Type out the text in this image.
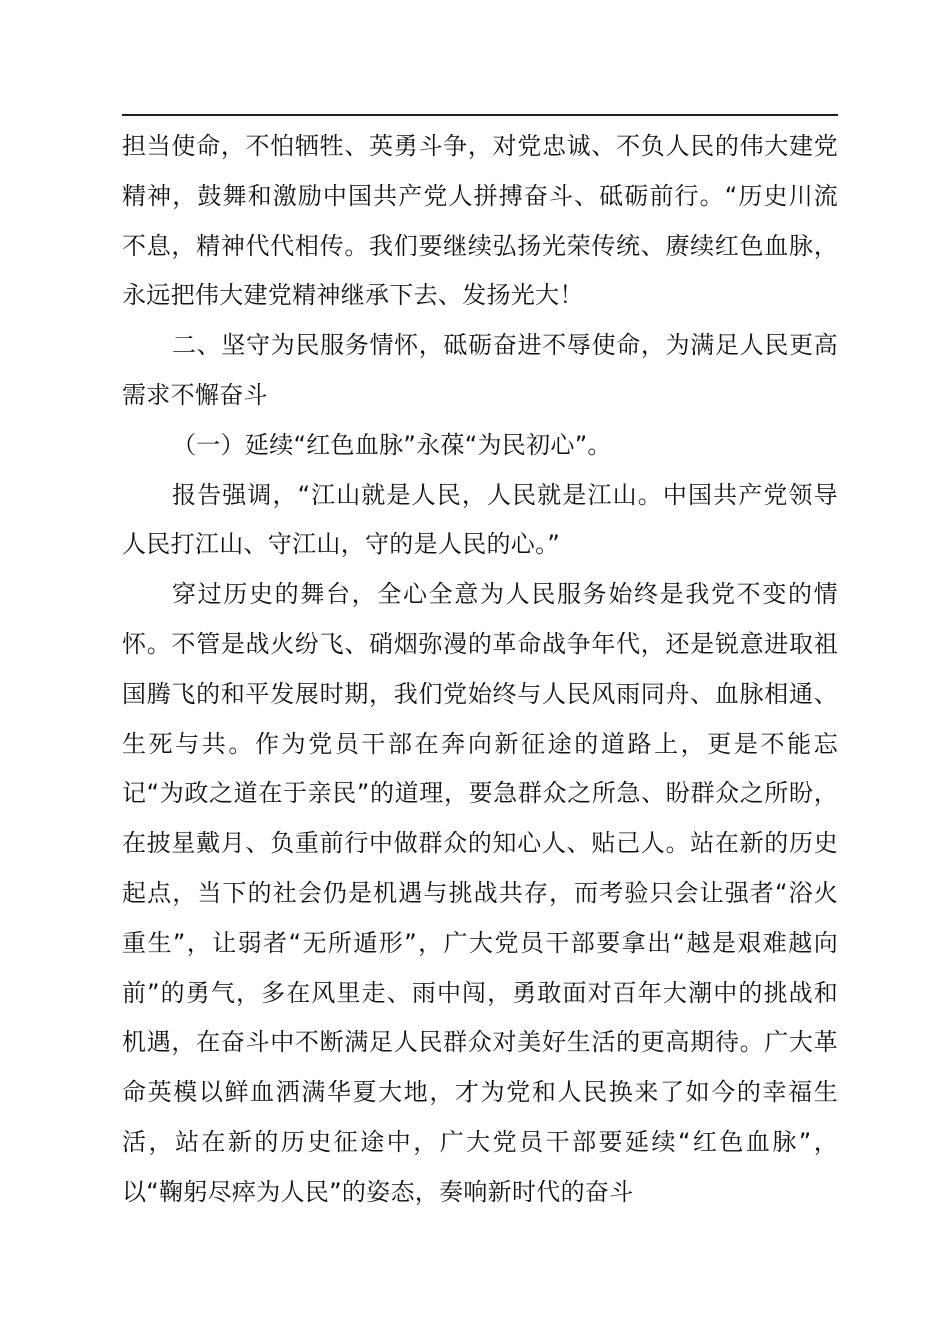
担当使命，不怕牺牲、英勇斗争，对党忠诚、不负人民的伟大建党精神，鼓舞和激励中国共产党人拼搏奋斗、砥砺前行。“历史川流不息，精神代代相传。我们要继续弘扬光荣传统、赓续红色血脉，永远把伟大建党精神继承下去、发扬光大！

二、坚守为民服务情怀，砥砺奋进不辱使命，为满足人民更高需求不懈奋斗

（一）延续“红色血脉”永葆“为民初心”。

报告强调，“江山就是人民，人民就是江山。中国共产党领导人民打江山、守江山，守的是人民的心。”

穿过历史的舞台，全心全意为人民服务始终是我党不变的情怀。不管是战火纷飞、硝烟弥漫的革命战争年代，还是锐意进取祖国腾飞的和平发展时期，我们党始终与人民风雨同舟、血脉相通、生死与共。作为党员干部在奔向新征途的道路上，更是不能忘记“为政之道在于亲民”的道理，要急群众之所急、盼群众之所盼，在披星戴月、负重前行中做群众的知心人、贴己人。站在新的历史起点，当下的社会仍是机遇与挑战共存，而考验只会让强者“浴火重生”，让弱者“无所遁形”，广大党员干部要拿出“越是艰难越向前”的勇气，多在风里走、雨中闯，勇敢面对百年大潮中的挑战和机遇，在奋斗中不断满足人民群众对美好生活的更高期待。广大革命英模以鲜血洒满华夏大地，才为党和人民换来了如今的幸福生活，站在新的历史征途中，广大党员干部要延续“红色血脉”，以“鞠躬尽瘁为人民”的姿态，奏响新时代的奋斗
